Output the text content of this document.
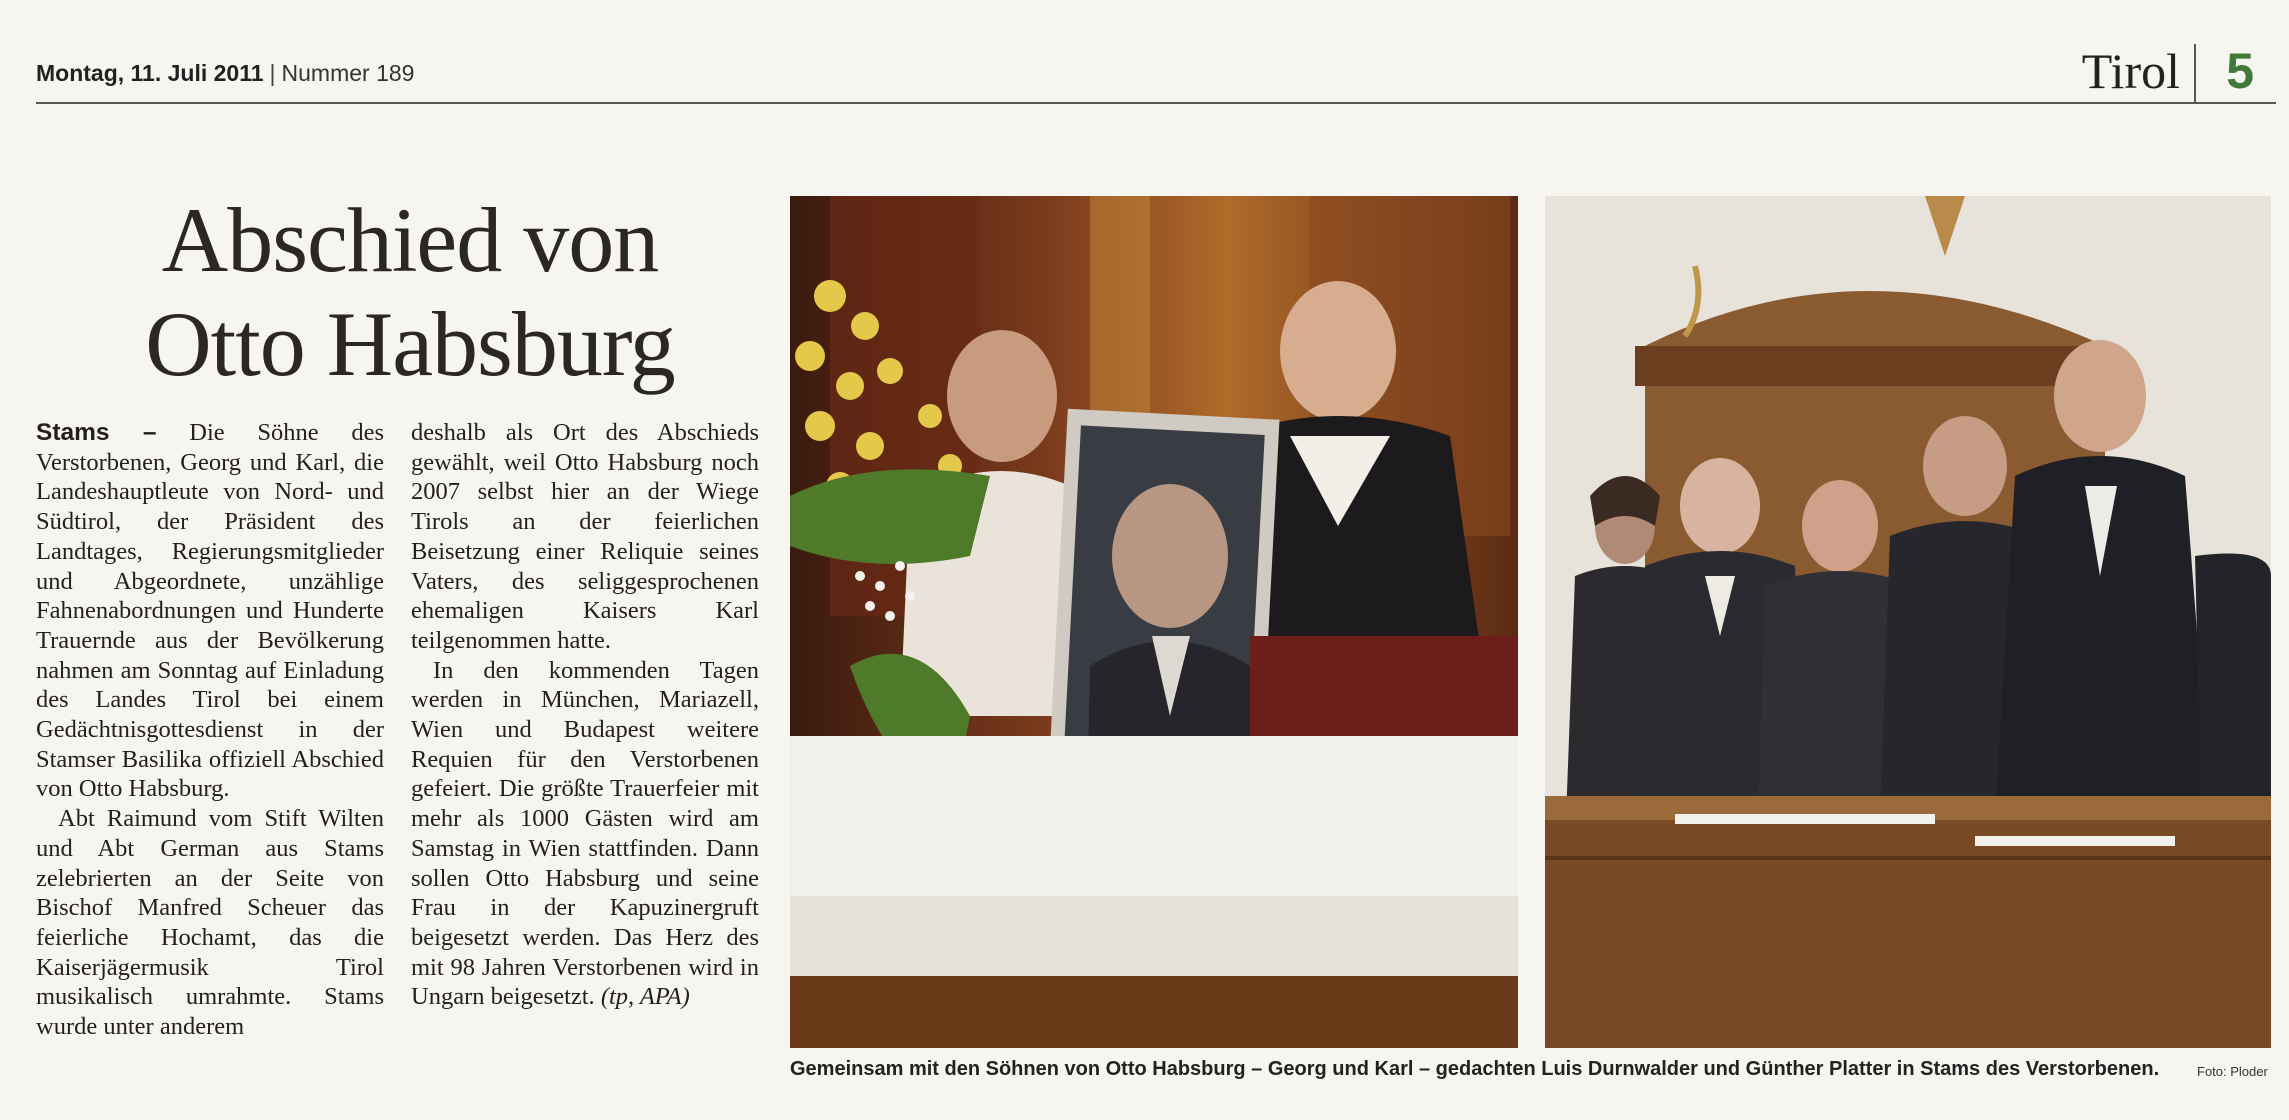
Montag, 11. Juli 2011 | Nummer 189	Tirol 5
Abschied von
Otto Habsburg

Stams – Die Söhne des Verstorbenen, Georg und Karl, die Landeshauptleute von Nord- und Südtirol, der Präsident des Landtages, Regierungsmitglieder und Abgeordnete, unzählige Fahnenabordnungen und Hunderte Trauernde aus der Bevölkerung nahmen am Sonntag auf Einladung des Landes Tirol bei einem Gedächtnisgottesdienst in der Stamser Basilika offiziell Abschied von Otto Habsburg.

Abt Raimund vom Stift Wilten und Abt German aus Stams zelebrierten an der Seite von Bischof Manfred Scheuer das feierliche Hochamt, das die Kaiserjägermusik Tirol musikalisch umrahmte. Stams wurde unter anderem

deshalb als Ort des Abschieds gewählt, weil Otto Habsburg noch 2007 selbst hier an der Wiege Tirols an der feierlichen Beisetzung einer Reliquie seines Vaters, des seliggesprochenen ehemaligen Kaisers Karl teilgenommen hatte.

In den kommenden Tagen werden in München, Mariazell, Wien und Budapest weitere Requien für den Verstorbenen gefeiert. Die größte Trauerfeier mit mehr als 1000 Gästen wird am Samstag in Wien stattfinden. Dann sollen Otto Habsburg und seine Frau in der Kapuzinergruft beigesetzt werden. Das Herz des mit 98 Jahren Verstorbenen wird in Ungarn beigesetzt. (tp, APA)

Gemeinsam mit den Söhnen von Otto Habsburg – Georg und Karl – gedachten Luis Durnwalder und Günther Platter in Stams des Verstorbenen.	Foto: Ploder
